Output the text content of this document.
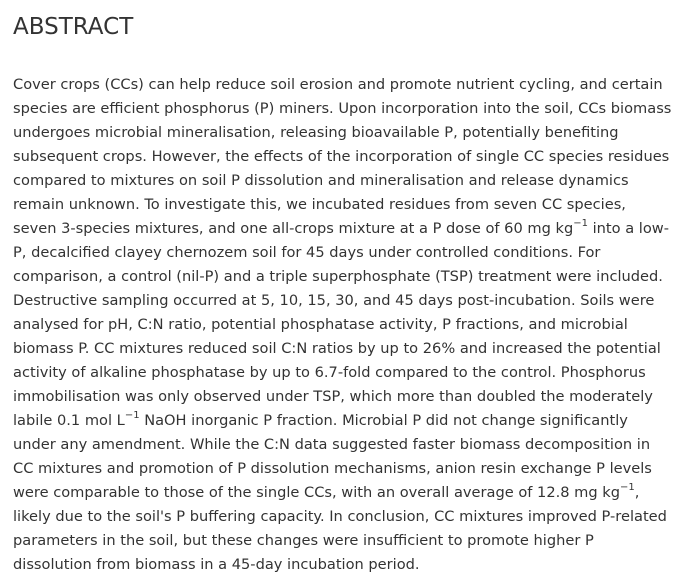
ABSTRACT

Cover crops (CCs) can help reduce soil erosion and promote nutrient cycling, and certain species are efficient phosphorus (P) miners. Upon incorporation into the soil, CCs biomass undergoes microbial mineralisation, releasing bioavailable P, potentially benefiting subsequent crops. However, the effects of the incorporation of single CC species residues compared to mixtures on soil P dissolution and mineralisation and release dynamics remain unknown. To investigate this, we incubated residues from seven CC species, seven 3-species mixtures, and one all-crops mixture at a P dose of 60 mg $kg^{-1}$ into a low-P, decalcified clayey chernozem soil for 45 days under controlled conditions. For comparison, a control (nil-P) and a triple superphosphate (TSP) treatment were included. Destructive sampling occurred at 5, 10, 15, 30, and 45 days post-incubation. Soils were analysed for pH, C:N ratio, potential phosphatase activity, P fractions, and microbial biomass P. CC mixtures reduced soil C:N ratios by up to 26% and increased the potential activity of alkaline phosphatase by up to 6.7-fold compared to the control. Phosphorus immobilisation was only observed under TSP, which more than doubled the moderately labile 0.1 mol $L^{-1}$ NaOH inorganic P fraction. Microbial P did not change significantly under any amendment. While the C:N data suggested faster biomass decomposition in CC mixtures and promotion of P dissolution mechanisms, anion resin exchange P levels were comparable to those of the single CCs, with an overall average of 12.8 mg $kg^{-1}$, likely due to the soil's P buffering capacity. In conclusion, CC mixtures improved P-related parameters in the soil, but these changes were insufficient to promote higher P dissolution from biomass in a 45-day incubation period.
